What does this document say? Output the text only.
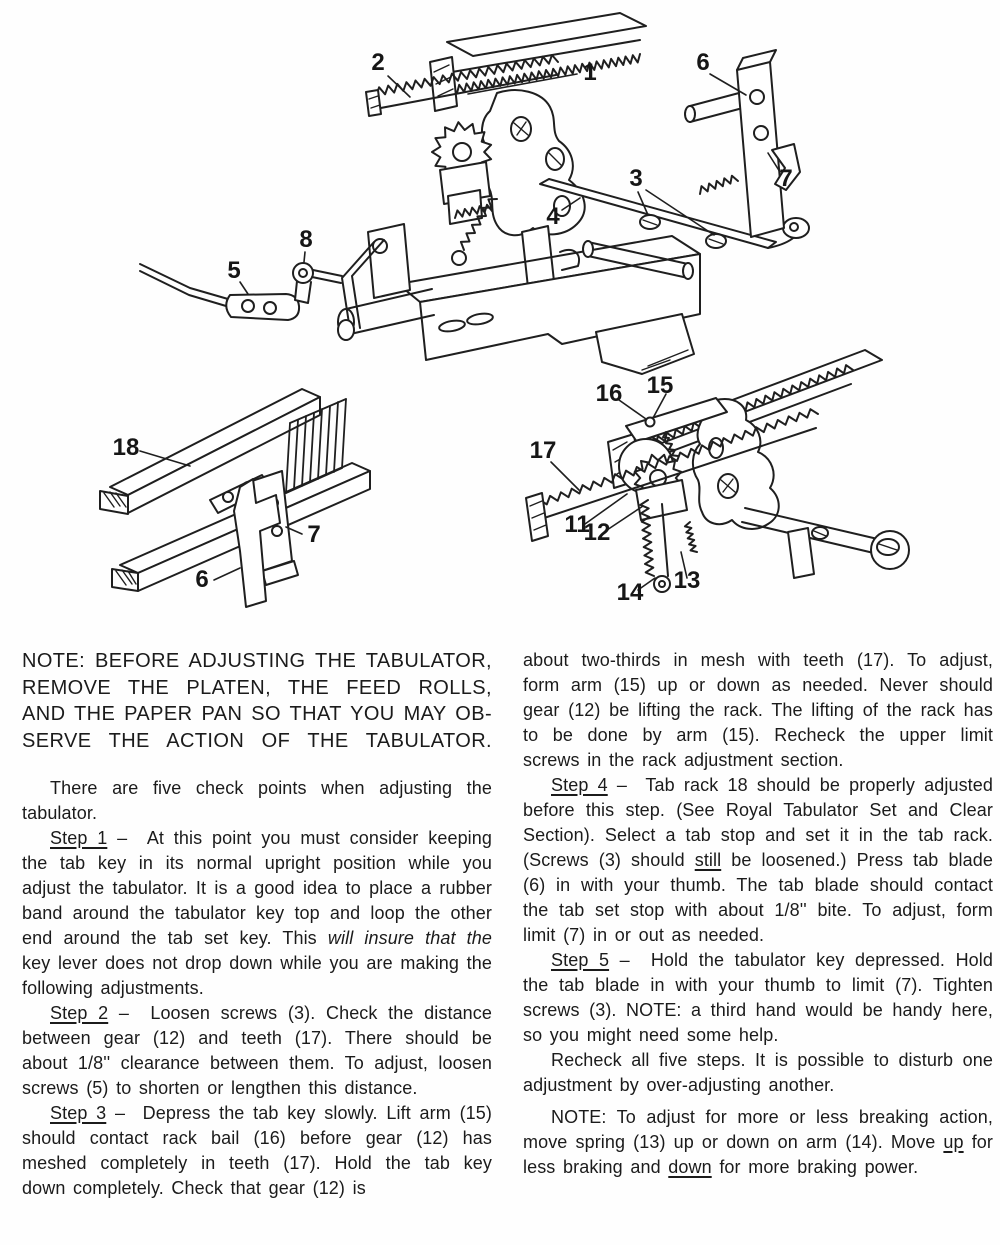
2	1	6
3
4
7
8
5
18
7
6
16 15
17
11
12
14 13
NOTE: BEFORE ADJUSTING THE TABULATOR,
REMOVE THE PLATEN, THE FEED ROLLS,
AND THE PAPER PAN SO THAT YOU MAY OB-
SERVE THE ACTION OF THE TABULATOR.
There are five check points when adjusting the tabulator.
Step 1 –  At this point you must consider keeping the tab key in its normal upright position while you adjust the tabulator. It is a good idea to place a rubber band around the tabulator key top and loop the other end around the tab set key. This will insure that the key lever does not drop down while you are making the following adjustments.
Step 2 –  Loosen screws (3). Check the distance between gear (12) and teeth (17). There should be about 1/8'' clearance between them. To adjust, loosen screws (5) to shorten or lengthen this distance.
Step 3 –  Depress the tab key slowly. Lift arm (15) should contact rack bail (16) before gear (12) has meshed completely in teeth (17). Hold the tab key down completely. Check that gear (12) is
about two-thirds in mesh with teeth (17). To adjust, form arm (15) up or down as needed. Never should gear (12) be lifting the rack. The lifting of the rack has to be done by arm (15). Recheck the upper limit screws in the rack adjustment section.
Step 4 –  Tab rack 18 should be properly adjusted before this step. (See Royal Tabulator Set and Clear Section). Select a tab stop and set it in the tab rack. (Screws (3) should still be loosened.) Press tab blade (6) in with your thumb. The tab blade should contact the tab set stop with about 1/8'' bite. To adjust, form limit (7) in or out as needed.
Step 5 –  Hold the tabulator key depressed. Hold the tab blade in with your thumb to limit (7). Tighten screws (3). NOTE: a third hand would be handy here, so you might need some help.
Recheck all five steps. It is possible to disturb one adjustment by over-adjusting another.
NOTE: To adjust for more or less breaking action, move spring (13) up or down on arm (14). Move up for less braking and down for more braking power.
